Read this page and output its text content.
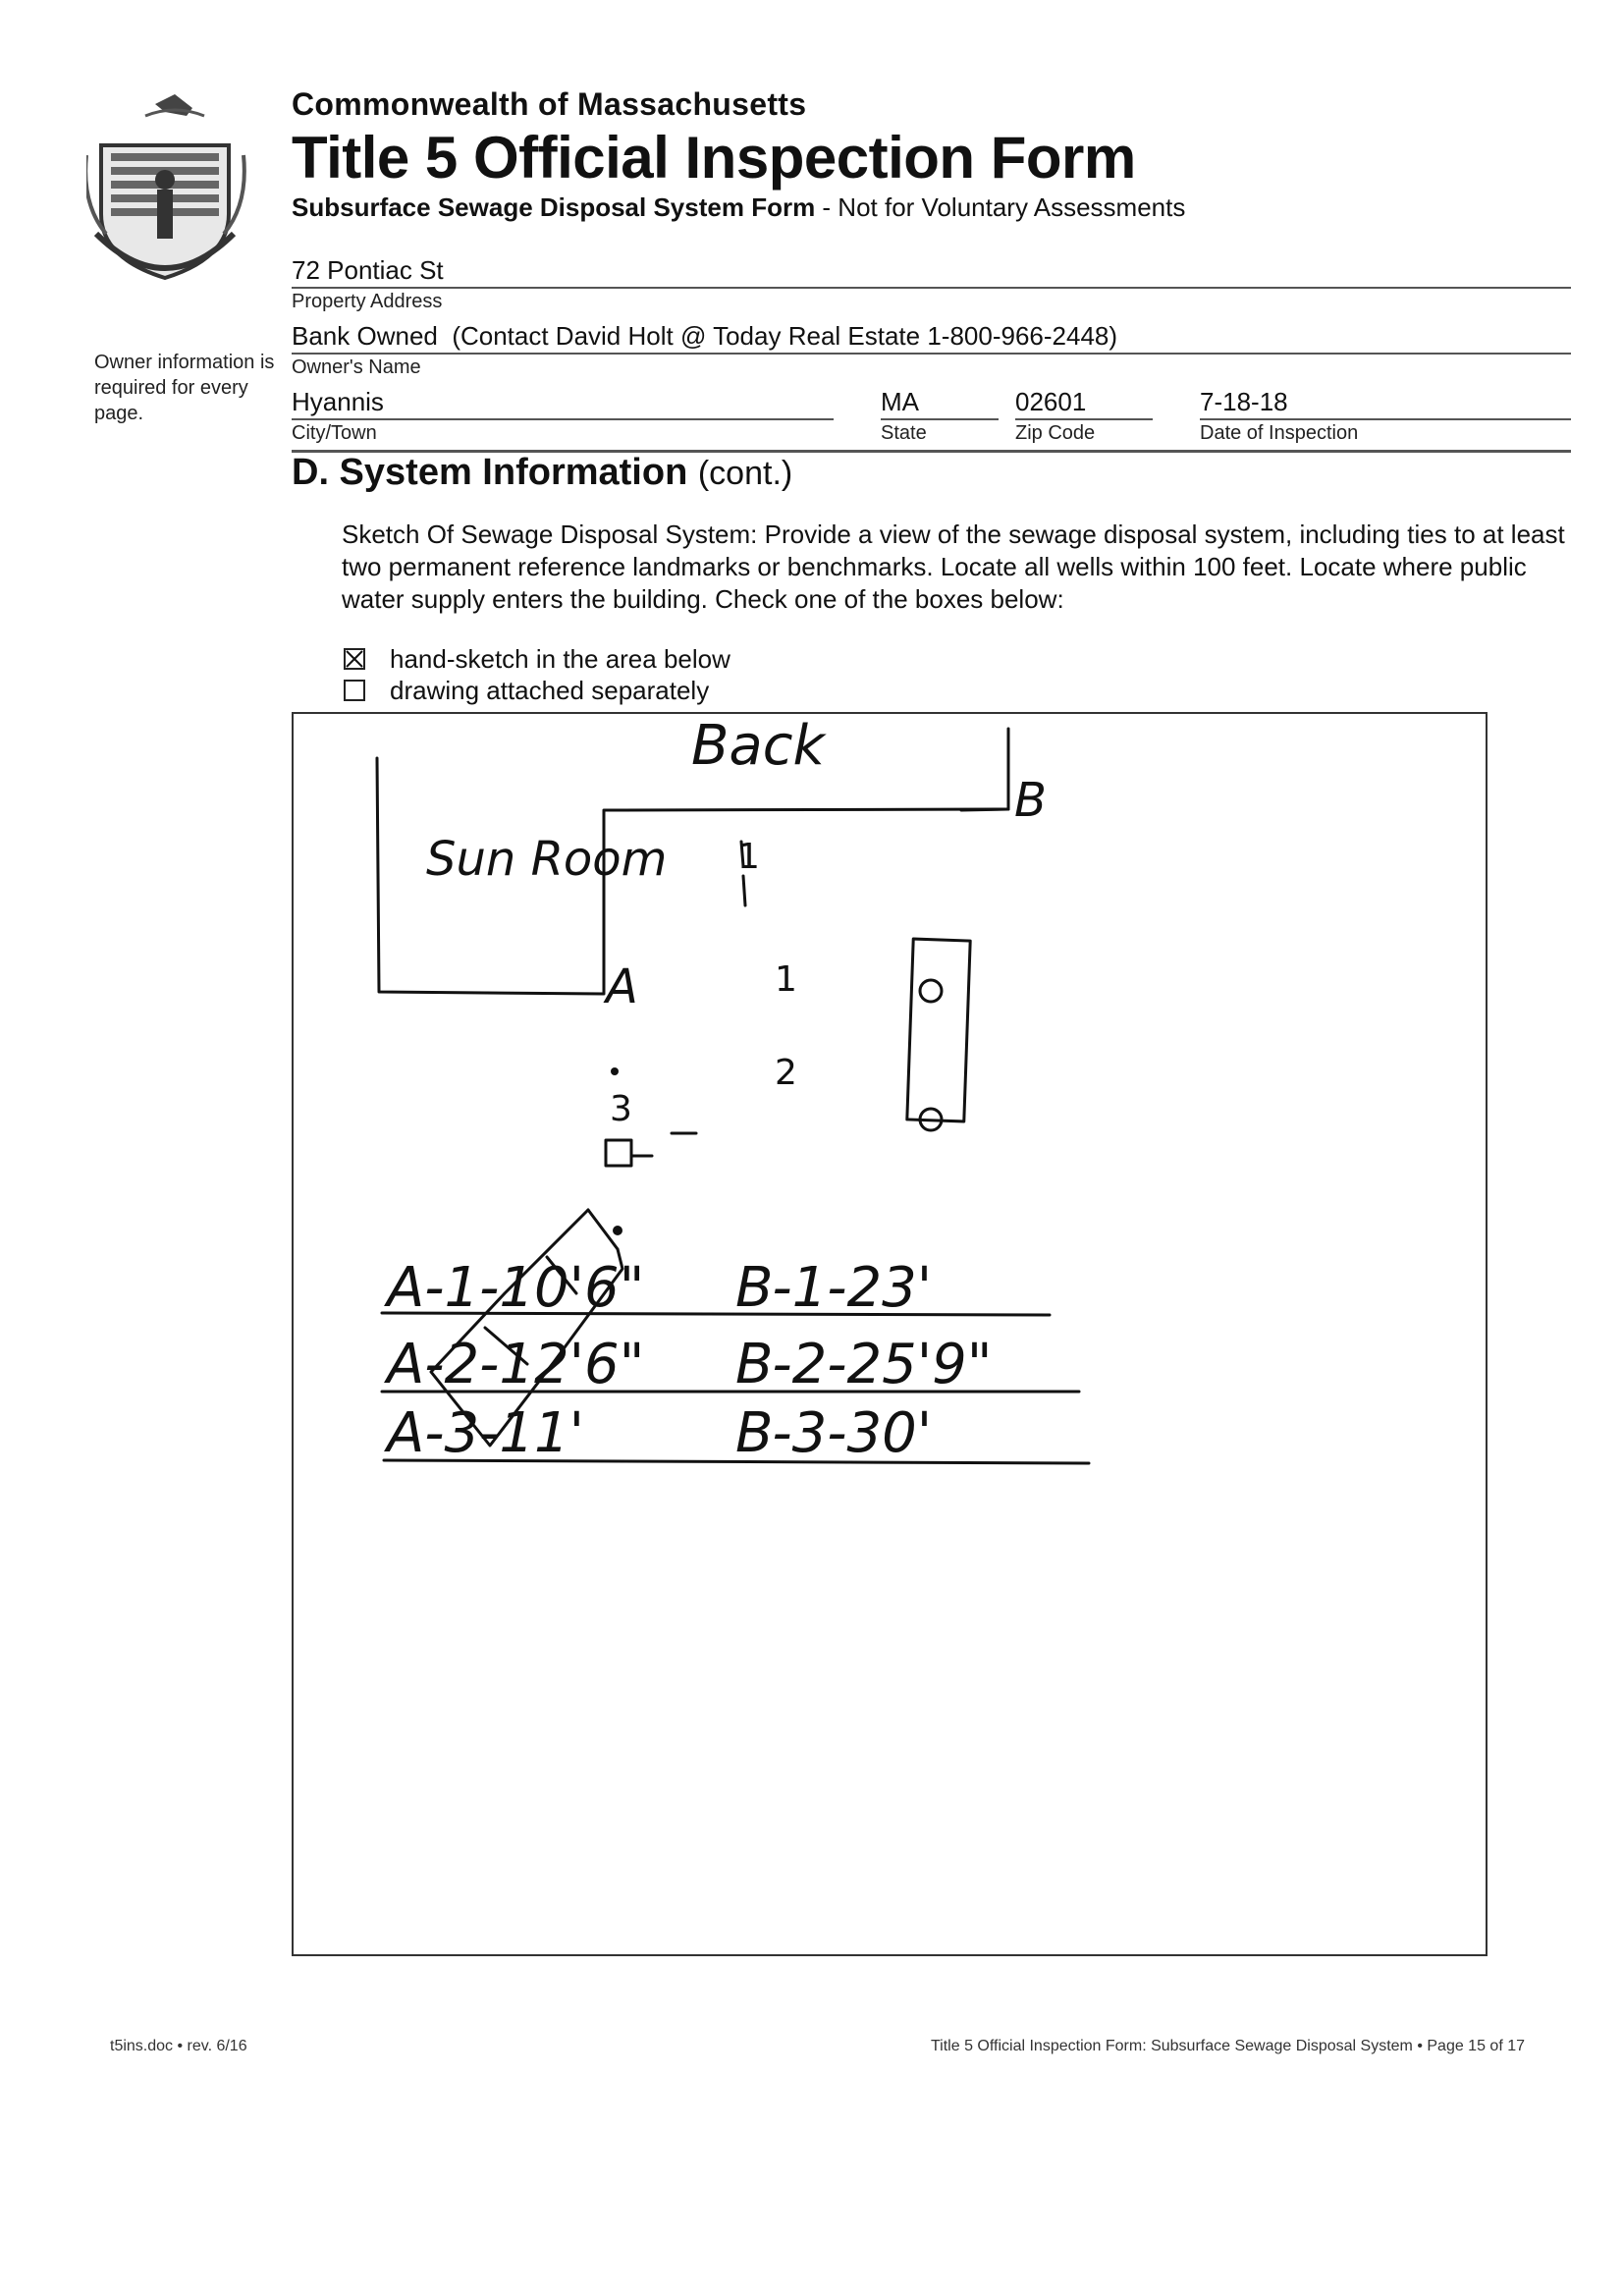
Owner information is required for every page.
Commonwealth of Massachusetts
Title 5 Official Inspection Form
Subsurface Sewage Disposal System Form - Not for Voluntary Assessments
72 Pontiac St
Property Address
Bank Owned  (Contact David Holt @ Today Real Estate 1-800-966-2448)
Owner's Name
Hyannis
City/Town
MA
State
02601
Zip Code
7-18-18
Date of Inspection
D. System Information (cont.)
Sketch Of Sewage Disposal System: Provide a view of the sewage disposal system, including ties to at least two permanent reference landmarks or benchmarks. Locate all wells within 100 feet. Locate where public water supply enters the building. Check one of the boxes below:
hand-sketch in the area below
drawing attached separately
Back
Sun Room
B
A
1
1
2
3
A-1-10'6" B-1-23'
A-2-12'6" B-2-25'9"
A-3-11'	B-3-30'
t5ins.doc • rev. 6/16	Title 5 Official Inspection Form: Subsurface Sewage Disposal System • Page 15 of 17
